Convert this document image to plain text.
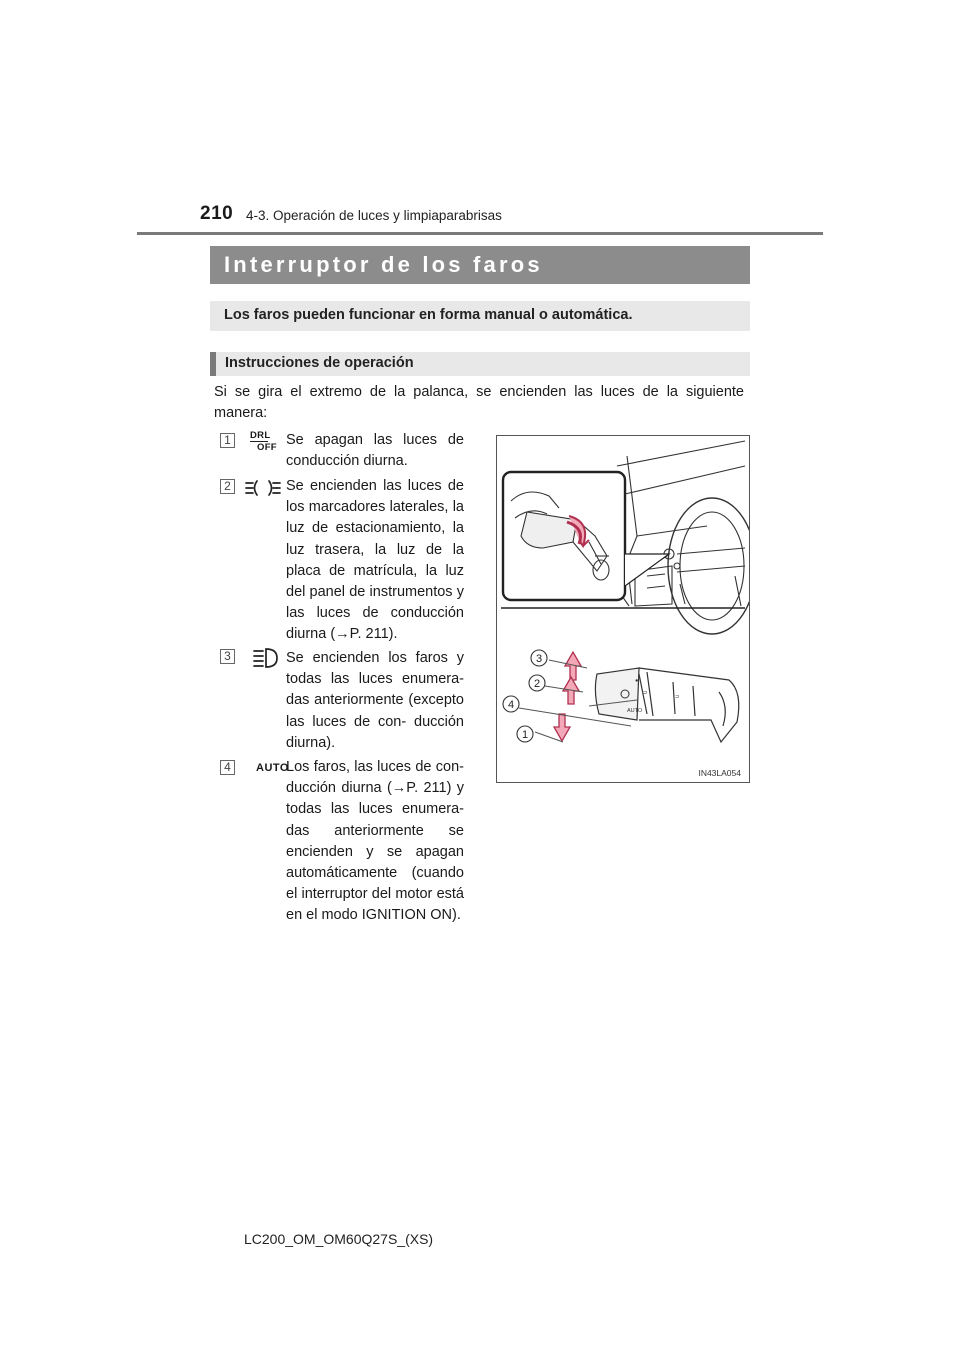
210 4-3. Operación de luces y limpiaparabrisas
Interruptor de los faros
Los faros pueden funcionar en forma manual o automática.
Instrucciones de operación

Si se gira el extremo de la palanca, se encienden las luces de la siguiente manera:

1	DRL
OFF Se apagan las luces de conducción diurna.

2	Se encienden las luces de los marcadores laterales, la luz de estacionamiento, la luz trasera, la luz de la placa de matrícula, la luz del panel de instrumentos y las luces de conducción diurna (→P. 211).

3	Se encienden los faros y todas las luces enumera- das anteriormente (excepto las luces de con- ducción diurna).

4	AUTO

Los faros, las luces de con- ducción diurna (→P. 211) y todas las luces enumera- das anteriormente se encienden y se apagan automáticamente (cuando el interruptor del motor está en el modo IGNITION ON).

●
⊃
AUTO
⊃
3
2
4
1
IN43LA054
LC200_OM_OM60Q27S_(XS)
